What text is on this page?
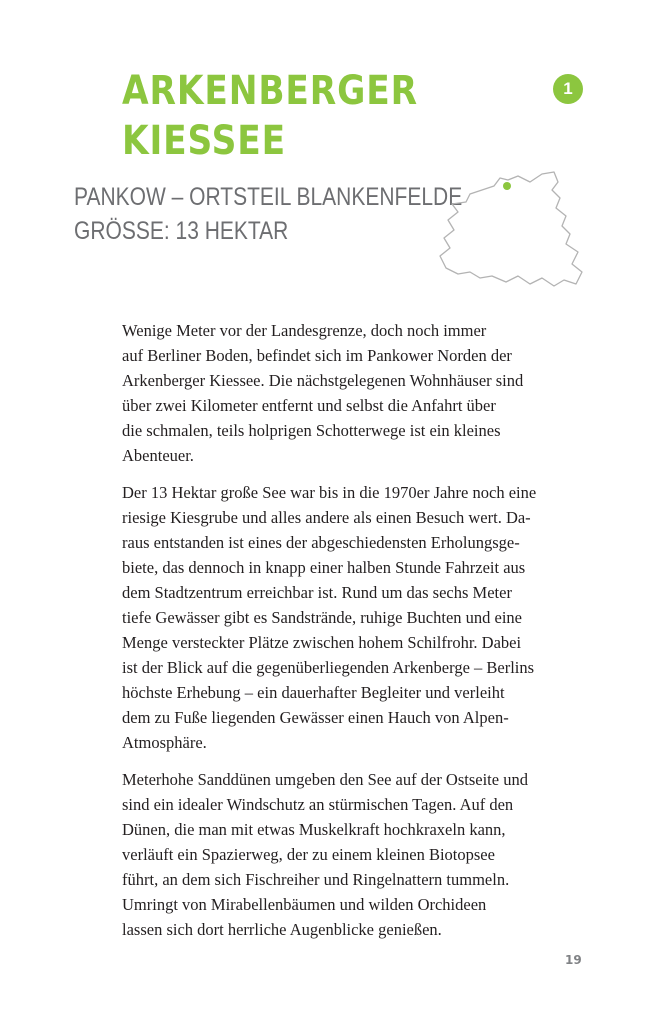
ARKENBERGER
KIESSEE
1
PANKOW – ORTSTEIL BLANKENFELDE
GRÖSSE: 13 HEKTAR

Wenige Meter vor der Landesgrenze, doch noch immer
auf Berliner Boden, befindet sich im Pankower Norden der
Arkenberger Kiessee. Die nächstgelegenen Wohnhäuser sind
über zwei Kilometer entfernt und selbst die Anfahrt über
die schmalen, teils holprigen Schotterwege ist ein kleines
Abenteuer.

Der 13 Hektar große See war bis in die 1970er Jahre noch eine
riesige Kiesgrube und alles andere als einen Besuch wert. Da-
raus entstanden ist eines der abgeschiedensten Erholungsge-
biete, das dennoch in knapp einer halben Stunde Fahrzeit aus
dem Stadtzentrum erreichbar ist. Rund um das sechs Meter
tiefe Gewässer gibt es Sandstrände, ruhige Buchten und eine
Menge versteckter Plätze zwischen hohem Schilfrohr. Dabei
ist der Blick auf die gegenüberliegenden Arkenberge – Berlins
höchste Erhebung – ein dauerhafter Begleiter und verleiht
dem zu Fuße liegenden Gewässer einen Hauch von Alpen-
Atmosphäre.

Meterhohe Sanddünen umgeben den See auf der Ostseite und
sind ein idealer Windschutz an stürmischen Tagen. Auf den
Dünen, die man mit etwas Muskelkraft hochkraxeln kann,
verläuft ein Spazierweg, der zu einem kleinen Biotopsee
führt, an dem sich Fischreiher und Ringelnattern tummeln.
Umringt von Mirabellenbäumen und wilden Orchideen
lassen sich dort herrliche Augenblicke genießen.

19
